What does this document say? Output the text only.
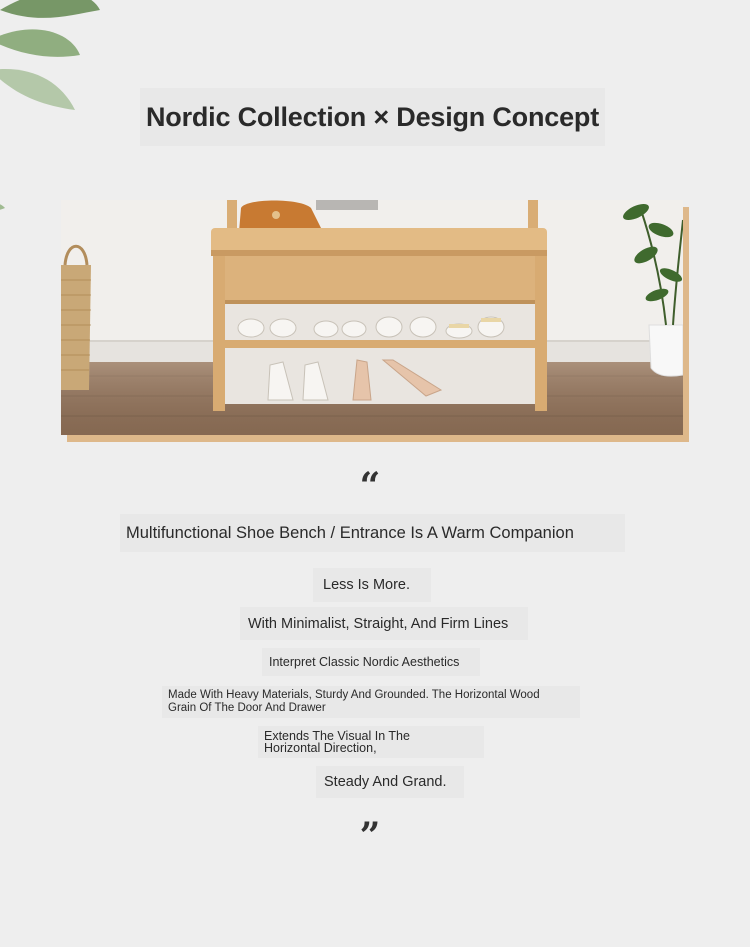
Nordic Collection × Design Concept
“
Multifunctional Shoe Bench / Entrance Is A Warm Companion
Less Is More.
With Minimalist, Straight, And Firm Lines
Interpret Classic Nordic Aesthetics
Made With Heavy Materials, Sturdy And Grounded. The Horizontal Wood Grain Of The Door And Drawer
Extends The Visual In The Horizontal Direction,
Steady And Grand.
”
